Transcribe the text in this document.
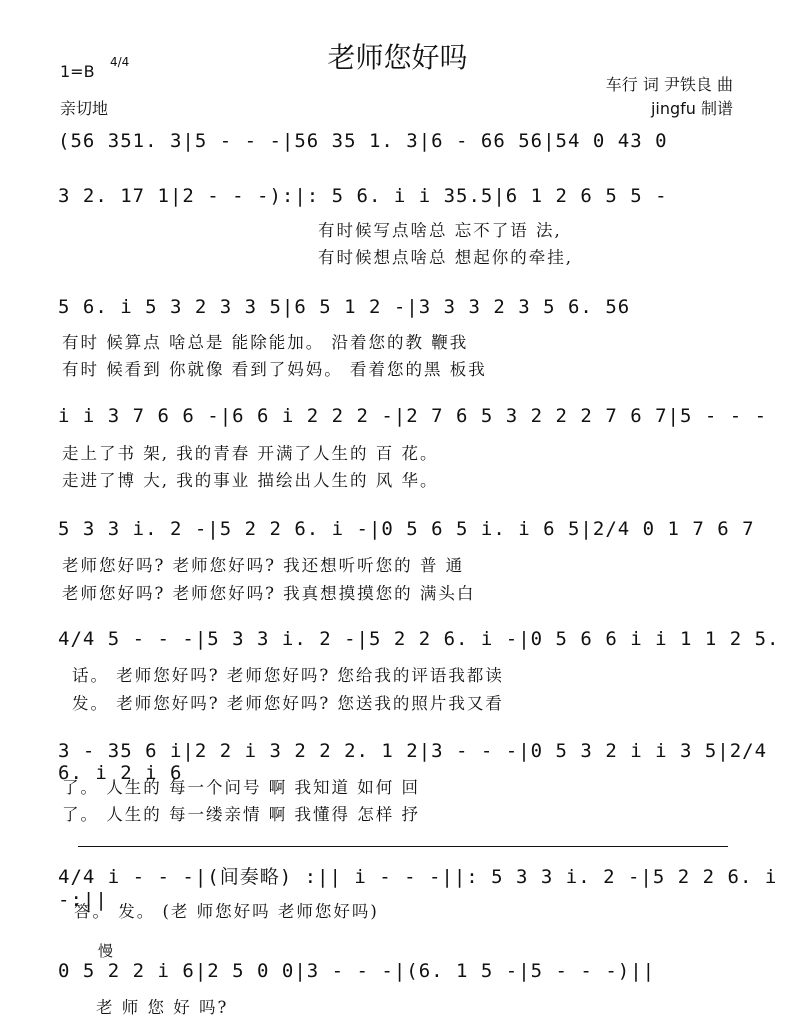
老师您好吗
1=B 4/4
亲切地
车行 词 尹铁良 曲
jingfu 制谱
(56 351. 3|5 - - -|56 35 1. 3|6 - 66 56|54 0 43 0
3 2. 17 1|2 - - -):|: 5 6. i i 35.5|6 1 2 6 5 5 -
有时候写点啥总 忘不了语 法,
有时候想点啥总 想起你的牵挂,
5 6. i 5 3 2 3 3 5|6 5 1 2 -|3 3 3 2 3 5 6. 56
有时 候算点 啥总是 能除能加。 沿着您的教 鞭我
有时 候看到 你就像 看到了妈妈。 看着您的黑 板我
i i 3 7 6 6 -|6 6 i 2 2 2 -|2 7 6 5 3 2 2 2 7 6 7|5 - - -
走上了书 架, 我的青春 开满了人生的 百 花。
走进了博 大, 我的事业 描绘出人生的 风 华。
5 3 3 i. 2 -|5 2 2 6. i -|0 5 6 5 i. i 6 5|2/4 0 1 7 6 7
老师您好吗? 老师您好吗? 我还想听听您的 普 通
老师您好吗? 老师您好吗? 我真想摸摸您的 满头白
4/4 5 - - -|5 3 3 i. 2 -|5 2 2 6. i -|0 5 6 6 i i 1 1 2 5.
话。 老师您好吗? 老师您好吗? 您给我的评语我都读
发。 老师您好吗? 老师您好吗? 您送我的照片我又看
3 - 35 6 i|2 2 i 3 2 2 2. 1 2|3 - - -|0 5 3 2 i i 3 5|2/4 6. i 2 i 6
了。 人生的 每一个问号 啊 我知道 如何 回
了。 人生的 每一缕亲情 啊 我懂得 怎样 抒
4/4 i - - -|(间奏略) :|| i - - -||: 5 3 3 i. 2 -|5 2 2 6. i -:||
答。 发。 (老 师您好吗 老师您好吗)
慢
0 5 2 2 i 6|2 5 0 0|3 - - -|(6. 1 5 -|5 - - -)||
老 师 您 好 吗?
